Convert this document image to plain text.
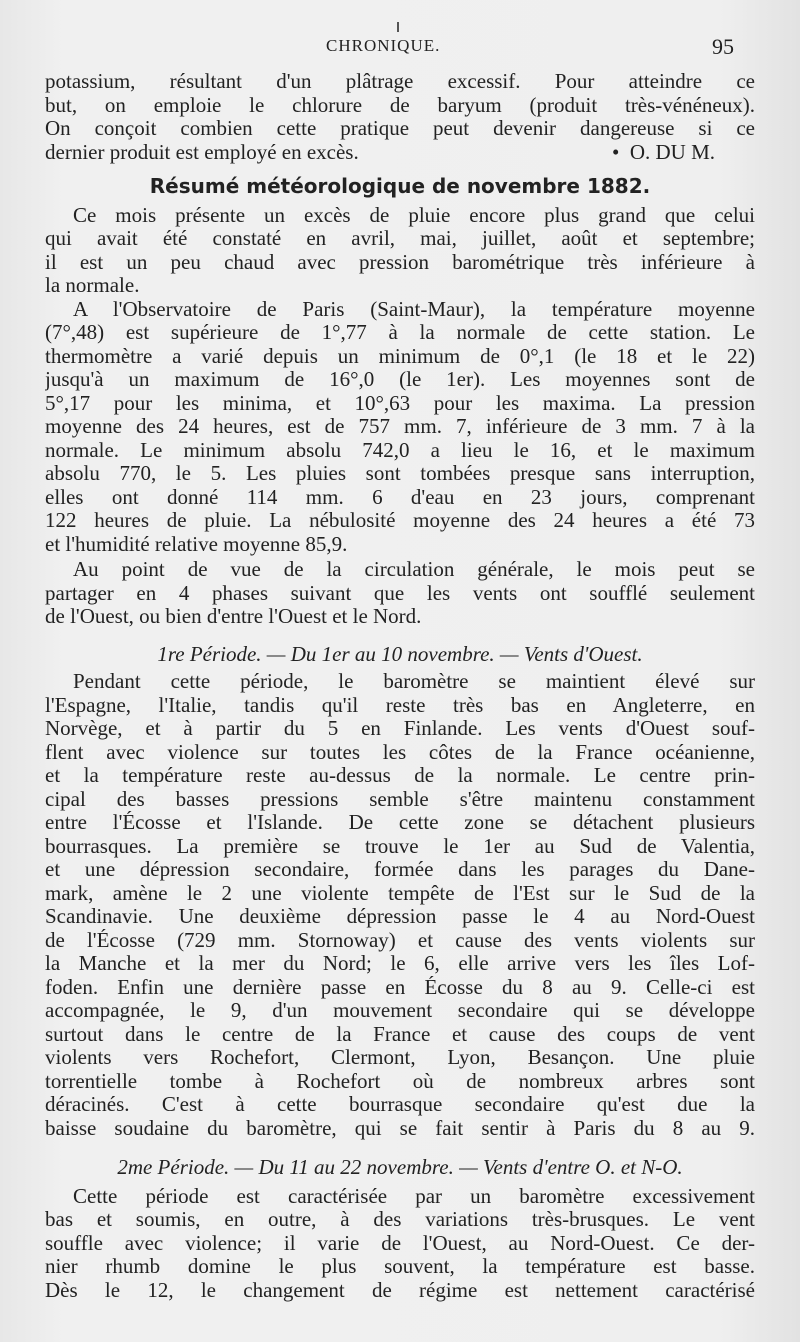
CHRONIQUE.	95
potassium, résultant d'un plâtrage excessif. Pour atteindre ce
but, on emploie le chlorure de baryum (produit très-vénéneux).
On conçoit combien cette pratique peut devenir dangereuse si ce
dernier produit est employé en excès.	•  O. DU M.
Résumé météorologique de novembre 1882.
Ce mois présente un excès de pluie encore plus grand que celui
qui avait été constaté en avril, mai, juillet, août et septembre;
il est un peu chaud avec pression barométrique très inférieure à
la normale.
A l'Observatoire de Paris (Saint-Maur), la température moyenne
(7°,48) est supérieure de 1°,77 à la normale de cette station. Le
thermomètre a varié depuis un minimum de 0°,1 (le 18 et le 22)
jusqu'à un maximum de 16°,0 (le 1er). Les moyennes sont de
5°,17 pour les minima, et 10°,63 pour les maxima. La pression
moyenne des 24 heures, est de 757 mm. 7, inférieure de 3 mm. 7 à la
normale. Le minimum absolu 742,0 a lieu le 16, et le maximum
absolu 770, le 5. Les pluies sont tombées presque sans interruption,
elles ont donné 114 mm. 6 d'eau en 23 jours, comprenant
122 heures de pluie. La nébulosité moyenne des 24 heures a été 73
et l'humidité relative moyenne 85,9.
Au point de vue de la circulation générale, le mois peut se
partager en 4 phases suivant que les vents ont soufflé seulement
de l'Ouest, ou bien d'entre l'Ouest et le Nord.
1re Période. — Du 1er au 10 novembre. — Vents d'Ouest.
Pendant cette période, le baromètre se maintient élevé sur
l'Espagne, l'Italie, tandis qu'il reste très bas en Angleterre, en
Norvège, et à partir du 5 en Finlande. Les vents d'Ouest souf-
flent avec violence sur toutes les côtes de la France océanienne,
et la température reste au-dessus de la normale. Le centre prin-
cipal des basses pressions semble s'être maintenu constamment
entre l'Écosse et l'Islande. De cette zone se détachent plusieurs
bourrasques. La première se trouve le 1er au Sud de Valentia,
et une dépression secondaire, formée dans les parages du Dane-
mark, amène le 2 une violente tempête de l'Est sur le Sud de la
Scandinavie. Une deuxième dépression passe le 4 au Nord-Ouest
de l'Écosse (729 mm. Stornoway) et cause des vents violents sur
la Manche et la mer du Nord; le 6, elle arrive vers les îles Lof-
foden. Enfin une dernière passe en Écosse du 8 au 9. Celle-ci est
accompagnée, le 9, d'un mouvement secondaire qui se développe
surtout dans le centre de la France et cause des coups de vent
violents vers Rochefort, Clermont, Lyon, Besançon. Une pluie
torrentielle tombe à Rochefort où de nombreux arbres sont
déracinés. C'est à cette bourrasque secondaire qu'est due la
baisse soudaine du baromètre, qui se fait sentir à Paris du 8 au 9.
2me Période. — Du 11 au 22 novembre. — Vents d'entre O. et N-O.
Cette période est caractérisée par un baromètre excessivement
bas et soumis, en outre, à des variations très-brusques. Le vent
souffle avec violence; il varie de l'Ouest, au Nord-Ouest. Ce der-
nier rhumb domine le plus souvent, la température est basse.
Dès le 12, le changement de régime est nettement caractérisé
